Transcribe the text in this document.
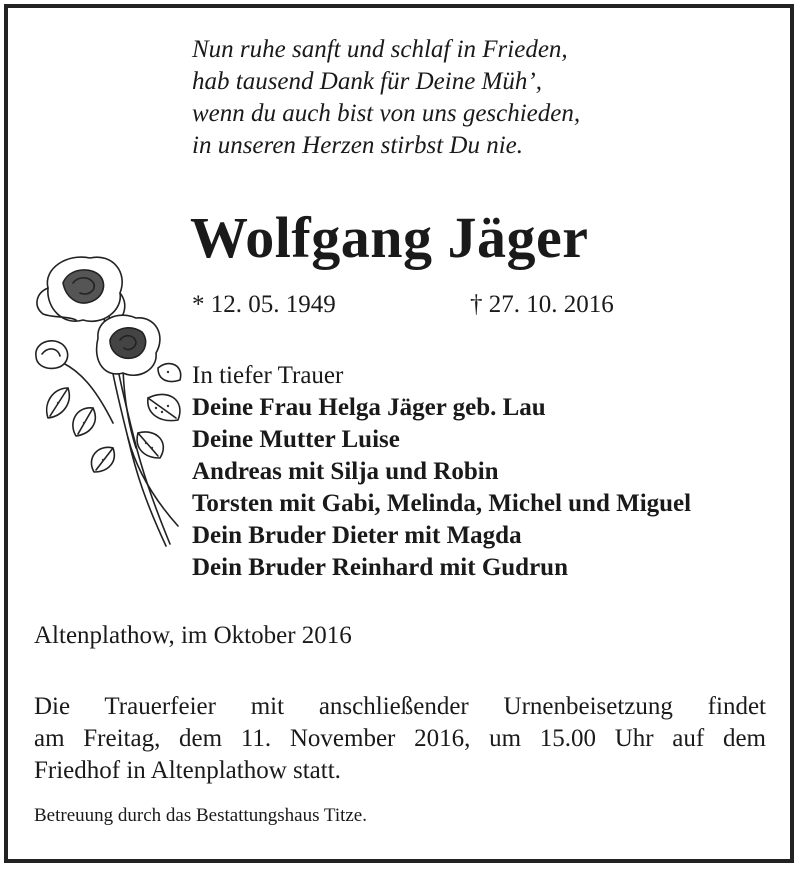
Nun ruhe sanft und schlaf in Frieden,
hab tausend Dank für Deine Müh’,
wenn du auch bist von uns geschieden,
in unseren Herzen stirbst Du nie.
Wolfgang Jäger
* 12. 05. 1949	† 27. 10. 2016
In tiefer Trauer
Deine Frau Helga Jäger geb. Lau
Deine Mutter Luise
Andreas mit Silja und Robin
Torsten mit Gabi, Melinda, Michel und Miguel
Dein Bruder Dieter mit Magda
Dein Bruder Reinhard mit Gudrun
Altenplathow, im Oktober 2016
Die Trauerfeier mit anschließender Urnenbeisetzung findet
am Freitag, dem 11. November 2016, um 15.00 Uhr auf dem
Friedhof in Altenplathow statt.
Betreuung durch das Bestattungshaus Titze.
